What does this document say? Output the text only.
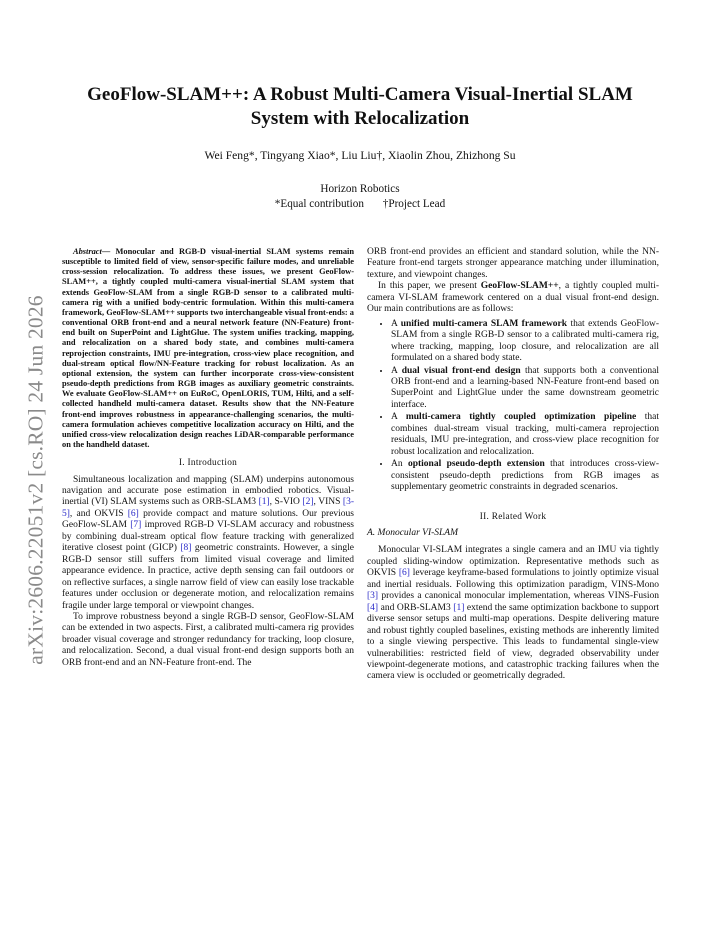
GeoFlow-SLAM++: A Robust Multi-Camera Visual-Inertial SLAM System with Relocalization
Wei Feng*, Tingyang Xiao*, Liu Liu†, Xiaolin Zhou, Zhizhong Su
Horizon Robotics
*Equal contribution †Project Lead
arXiv:2606.22051v2 [cs.RO] 24 Jun 2026

Abstract— Monocular and RGB-D visual-inertial SLAM systems remain susceptible to limited field of view, sensor-specific failure modes, and unreliable cross-session relocalization. To address these issues, we present GeoFlow-SLAM++, a tightly coupled multi-camera visual-inertial SLAM system that extends GeoFlow-SLAM from a single RGB-D sensor to a calibrated multi-camera rig with a unified body-centric formulation. Within this multi-camera framework, GeoFlow-SLAM++ supports two interchangeable visual front-ends: a conventional ORB front-end and a neural network feature (NN-Feature) front-end built on SuperPoint and LightGlue. The system unifies tracking, mapping, and relocalization on a shared body state, and combines multi-camera reprojection constraints, IMU pre-integration, cross-view place recognition, and dual-stream optical flow/NN-Feature tracking for robust localization. As an optional extension, the system can further incorporate cross-view-consistent pseudo-depth predictions from RGB images as auxiliary geometric constraints. We evaluate GeoFlow-SLAM++ on EuRoC, OpenLORIS, TUM, Hilti, and a self-collected handheld multi-camera dataset. Results show that the NN-Feature front-end improves robustness in appearance-challenging scenarios, the multi-camera formulation achieves competitive localization accuracy on Hilti, and the unified cross-view relocalization design reaches LiDAR-comparable performance on the handheld dataset.

I. Introduction

Simultaneous localization and mapping (SLAM) underpins autonomous navigation and accurate pose estimation in embodied robotics. Visual-inertial (VI) SLAM systems such as ORB-SLAM3 [1], S-VIO [2], VINS [3-5], and OKVIS [6] provide compact and mature solutions. Our previous GeoFlow-SLAM [7] improved RGB-D VI-SLAM accuracy and robustness by combining dual-stream optical flow feature tracking with generalized iterative closest point (GICP) [8] geometric constraints. However, a single RGB-D sensor still suffers from limited visual coverage and limited appearance evidence. In practice, active depth sensing can fail outdoors or on reflective surfaces, a single narrow field of view can easily lose trackable features under occlusion or degenerate motion, and relocalization remains fragile under large temporal or viewpoint changes.

To improve robustness beyond a single RGB-D sensor, GeoFlow-SLAM can be extended in two aspects. First, a calibrated multi-camera rig provides broader visual coverage and stronger redundancy for tracking, loop closure, and relocalization. Second, a dual visual front-end design supports both an ORB front-end and an NN-Feature front-end. The

ORB front-end provides an efficient and standard solution, while the NN-Feature front-end targets stronger appearance matching under illumination, texture, and viewpoint changes.

In this paper, we present GeoFlow-SLAM++, a tightly coupled multi-camera VI-SLAM framework centered on a dual visual front-end design. Our main contributions are as follows:

• A unified multi-camera SLAM framework that extends GeoFlow-SLAM from a single RGB-D sensor to a calibrated multi-camera rig, where tracking, mapping, loop closure, and relocalization are all formulated on a shared body state.
• A dual visual front-end design that supports both a conventional ORB front-end and a learning-based NN-Feature front-end based on SuperPoint and LightGlue under the same downstream geometric interface.
• A multi-camera tightly coupled optimization pipeline that combines dual-stream visual tracking, multi-camera reprojection residuals, IMU pre-integration, and cross-view place recognition for robust localization and relocalization.
• An optional pseudo-depth extension that introduces cross-view-consistent pseudo-depth predictions from RGB images as supplementary geometric constraints in degraded scenarios.
II. Related Work
A. Monocular VI-SLAM

Monocular VI-SLAM integrates a single camera and an IMU via tightly coupled sliding-window optimization. Representative methods such as OKVIS [6] leverage keyframe-based formulations to jointly optimize visual and inertial residuals. Following this optimization paradigm, VINS-Mono [3] provides a canonical monocular implementation, whereas VINS-Fusion [4] and ORB-SLAM3 [1] extend the same optimization backbone to support diverse sensor setups and multi-map operations. Despite delivering mature and robust tightly coupled baselines, existing methods are inherently limited to a single viewing perspective. This leads to fundamental single-view vulnerabilities: restricted field of view, degraded observability under viewpoint-degenerate motions, and catastrophic tracking failures when the camera view is occluded or geometrically degraded.
